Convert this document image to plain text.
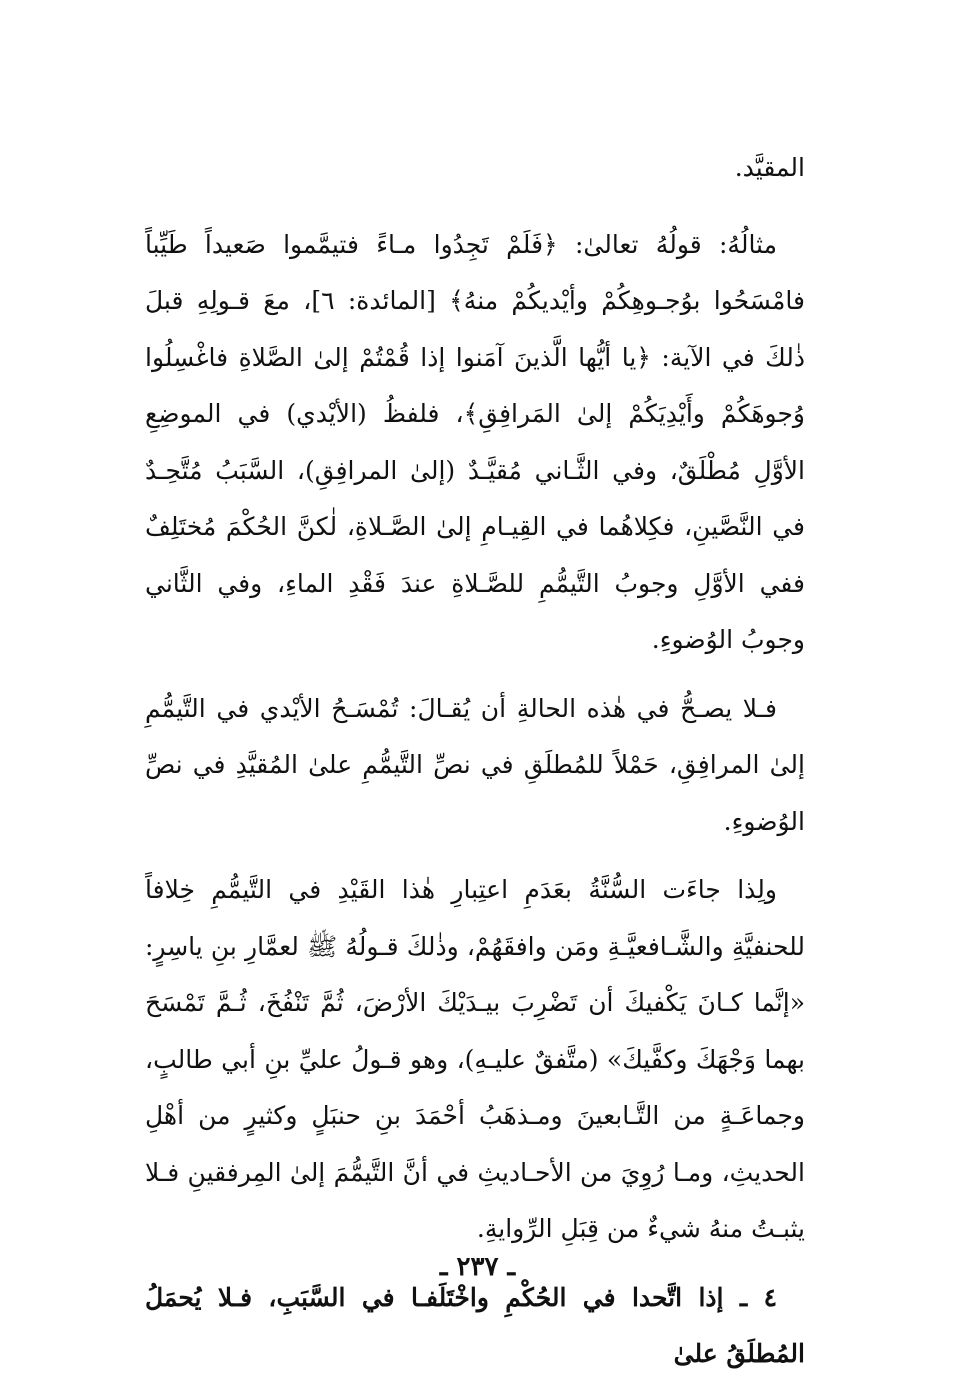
المقيَّد.

مثالُهُ: قولُهُ تعالىٰ: ﴿فَلَمْ تَجِدُوا مـاءً فتيمَّموا صَعيداً طَيِّباً فامْسَحُوا بوُجـوهِكُمْ وأيْديكُمْ منهُ﴾ [المائدة: ٦]، معَ قـولِهِ قبلَ ذٰلكَ في الآية: ﴿يا أيُّها الَّذينَ آمَنوا إذا قُمْتُمْ إلىٰ الصَّلاةِ فاغْسِلُوا وُجوهَكُمْ وأَيْدِيَكُمْ إلىٰ المَرافِقِ﴾، فلفظُ (الأيْدي) في الموضِعِ الأوَّلِ مُطْلَقٌ، وفي الثَّـاني مُقيَّـدٌ (إلىٰ المرافِقِ)، السَّبَبُ مُتَّحِـدٌ في النَّصَّينِ، فكِلاهُما في القِيـامِ إلىٰ الصَّـلاةِ، لٰكنَّ الحُكْمَ مُختَلِفٌ ففي الأوَّلِ وجوبُ التَّيمُّمِ للصَّـلاةِ عندَ فَقْدِ الماءِ، وفي الثَّاني وجوبُ الوُضوءِ.

فـلا يصـحُّ في هٰذه الحالةِ أن يُقـالَ: تُمْسَـحُ الأيْدي في التَّيمُّمِ إلىٰ المرافِقِ، حَمْلاً للمُطلَقِ في نصِّ التَّيمُّمِ علىٰ المُقيَّدِ في نصِّ الوُضوءِ.

ولِذا جاءَت السُّنَّةُ بعَدَمِ اعتِبارِ هٰذا القَيْدِ في التَّيمُّمِ خِلافاً للحنفيَّةِ والشَّـافعيَّـةِ ومَن وافقَهُمْ، وذٰلكَ قـولُهُ ﷺ لعمَّارِ بنِ ياسِرٍ: «إنَّما كـانَ يَكْفيكَ أن تَضْرِبَ بيـدَيْكَ الأرْضَ، ثُمَّ تَنْفُخَ، ثُـمَّ تَمْسَحَ بهما وَجْهَكَ وكفَّيكَ» (متَّفقٌ عليـهِ)، وهو قـولُ عليِّ بنِ أبي طالبٍ، وجماعَـةٍ من التَّـابعينَ ومـذهَبُ أحْمَدَ بنِ حنبَلٍ وكثيرٍ من أهْلِ الحديثِ، ومـا رُوِيَ من الأحـاديثِ في أنَّ التَّيمُّمَ إلىٰ المِرفقينِ فـلا يثبـتُ منهُ شيءٌ من قِبَلِ الرِّوايةِ.

٤ ـ إذا اتَّحدا في الحُكْمِ واخْتَلَفـا في السَّبَبِ، فـلا يُحمَلُ المُطلَقُ علىٰ

ـ ٢٣٧ ـ
